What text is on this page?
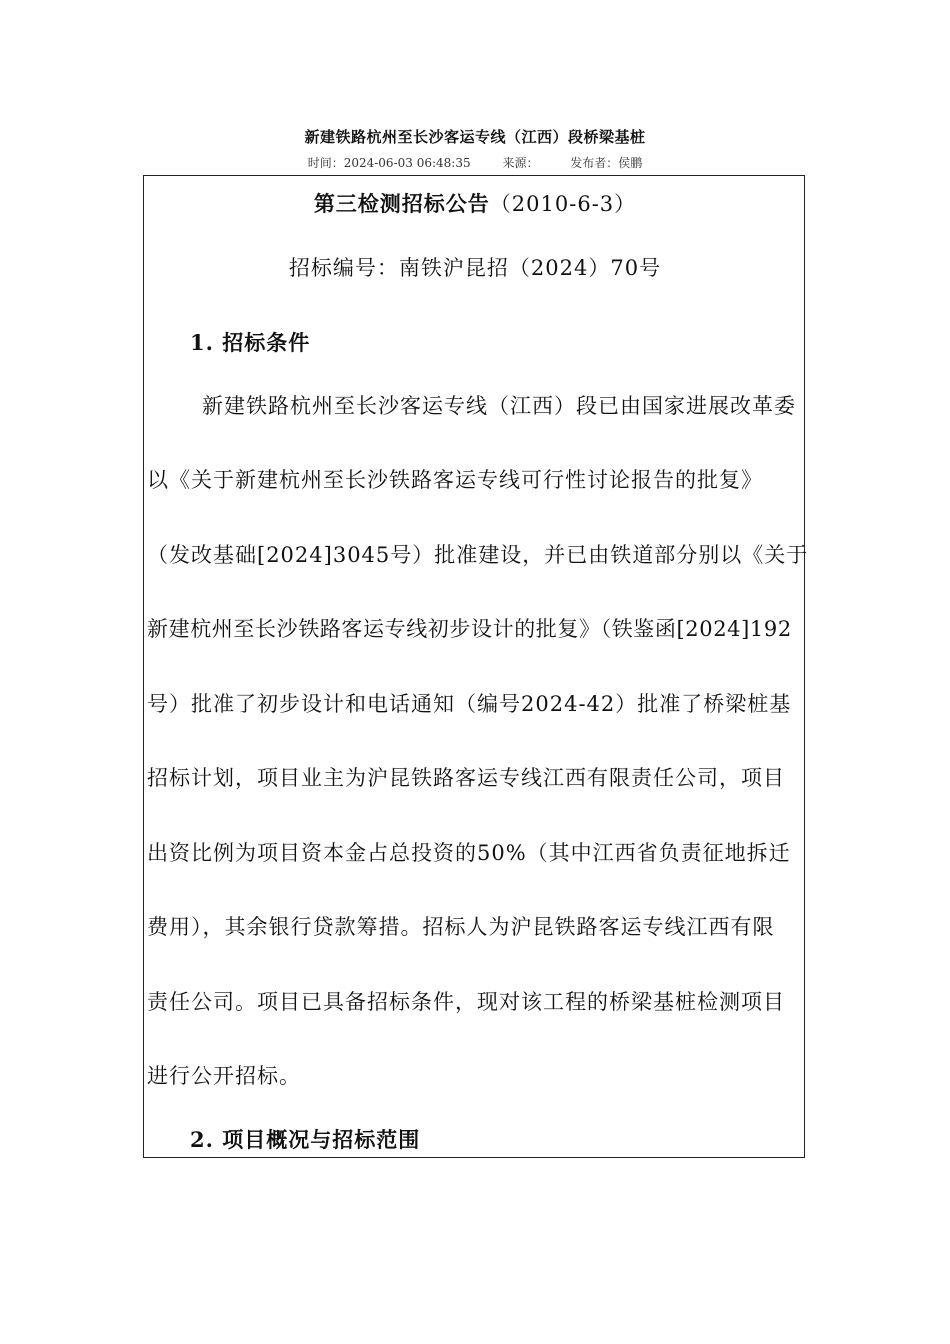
新建铁路杭州至长沙客运专线（江西）段桥梁基桩
时间：2024-06-03 06:48:35	来源：	发布者：侯鹏
第三检测招标公告（2010-6-3）
招标编号：南铁沪昆招（2024）70号
1. 招标条件
新建铁路杭州至长沙客运专线（江西）段已由国家进展改革委
以《关于新建杭州至长沙铁路客运专线可行性讨论报告的批复》
（发改基础[2024]3045号）批准建设，并已由铁道部分别以《关于
新建杭州至长沙铁路客运专线初步设计的批复》（铁鉴函[2024]192
号）批准了初步设计和电话通知（编号2024-42）批准了桥梁桩基
招标计划，项目业主为沪昆铁路客运专线江西有限责任公司，项目
出资比例为项目资本金占总投资的50%（其中江西省负责征地拆迁
费用），其余银行贷款筹措。招标人为沪昆铁路客运专线江西有限
责任公司。项目已具备招标条件，现对该工程的桥梁基桩检测项目
进行公开招标。
2. 项目概况与招标范围
